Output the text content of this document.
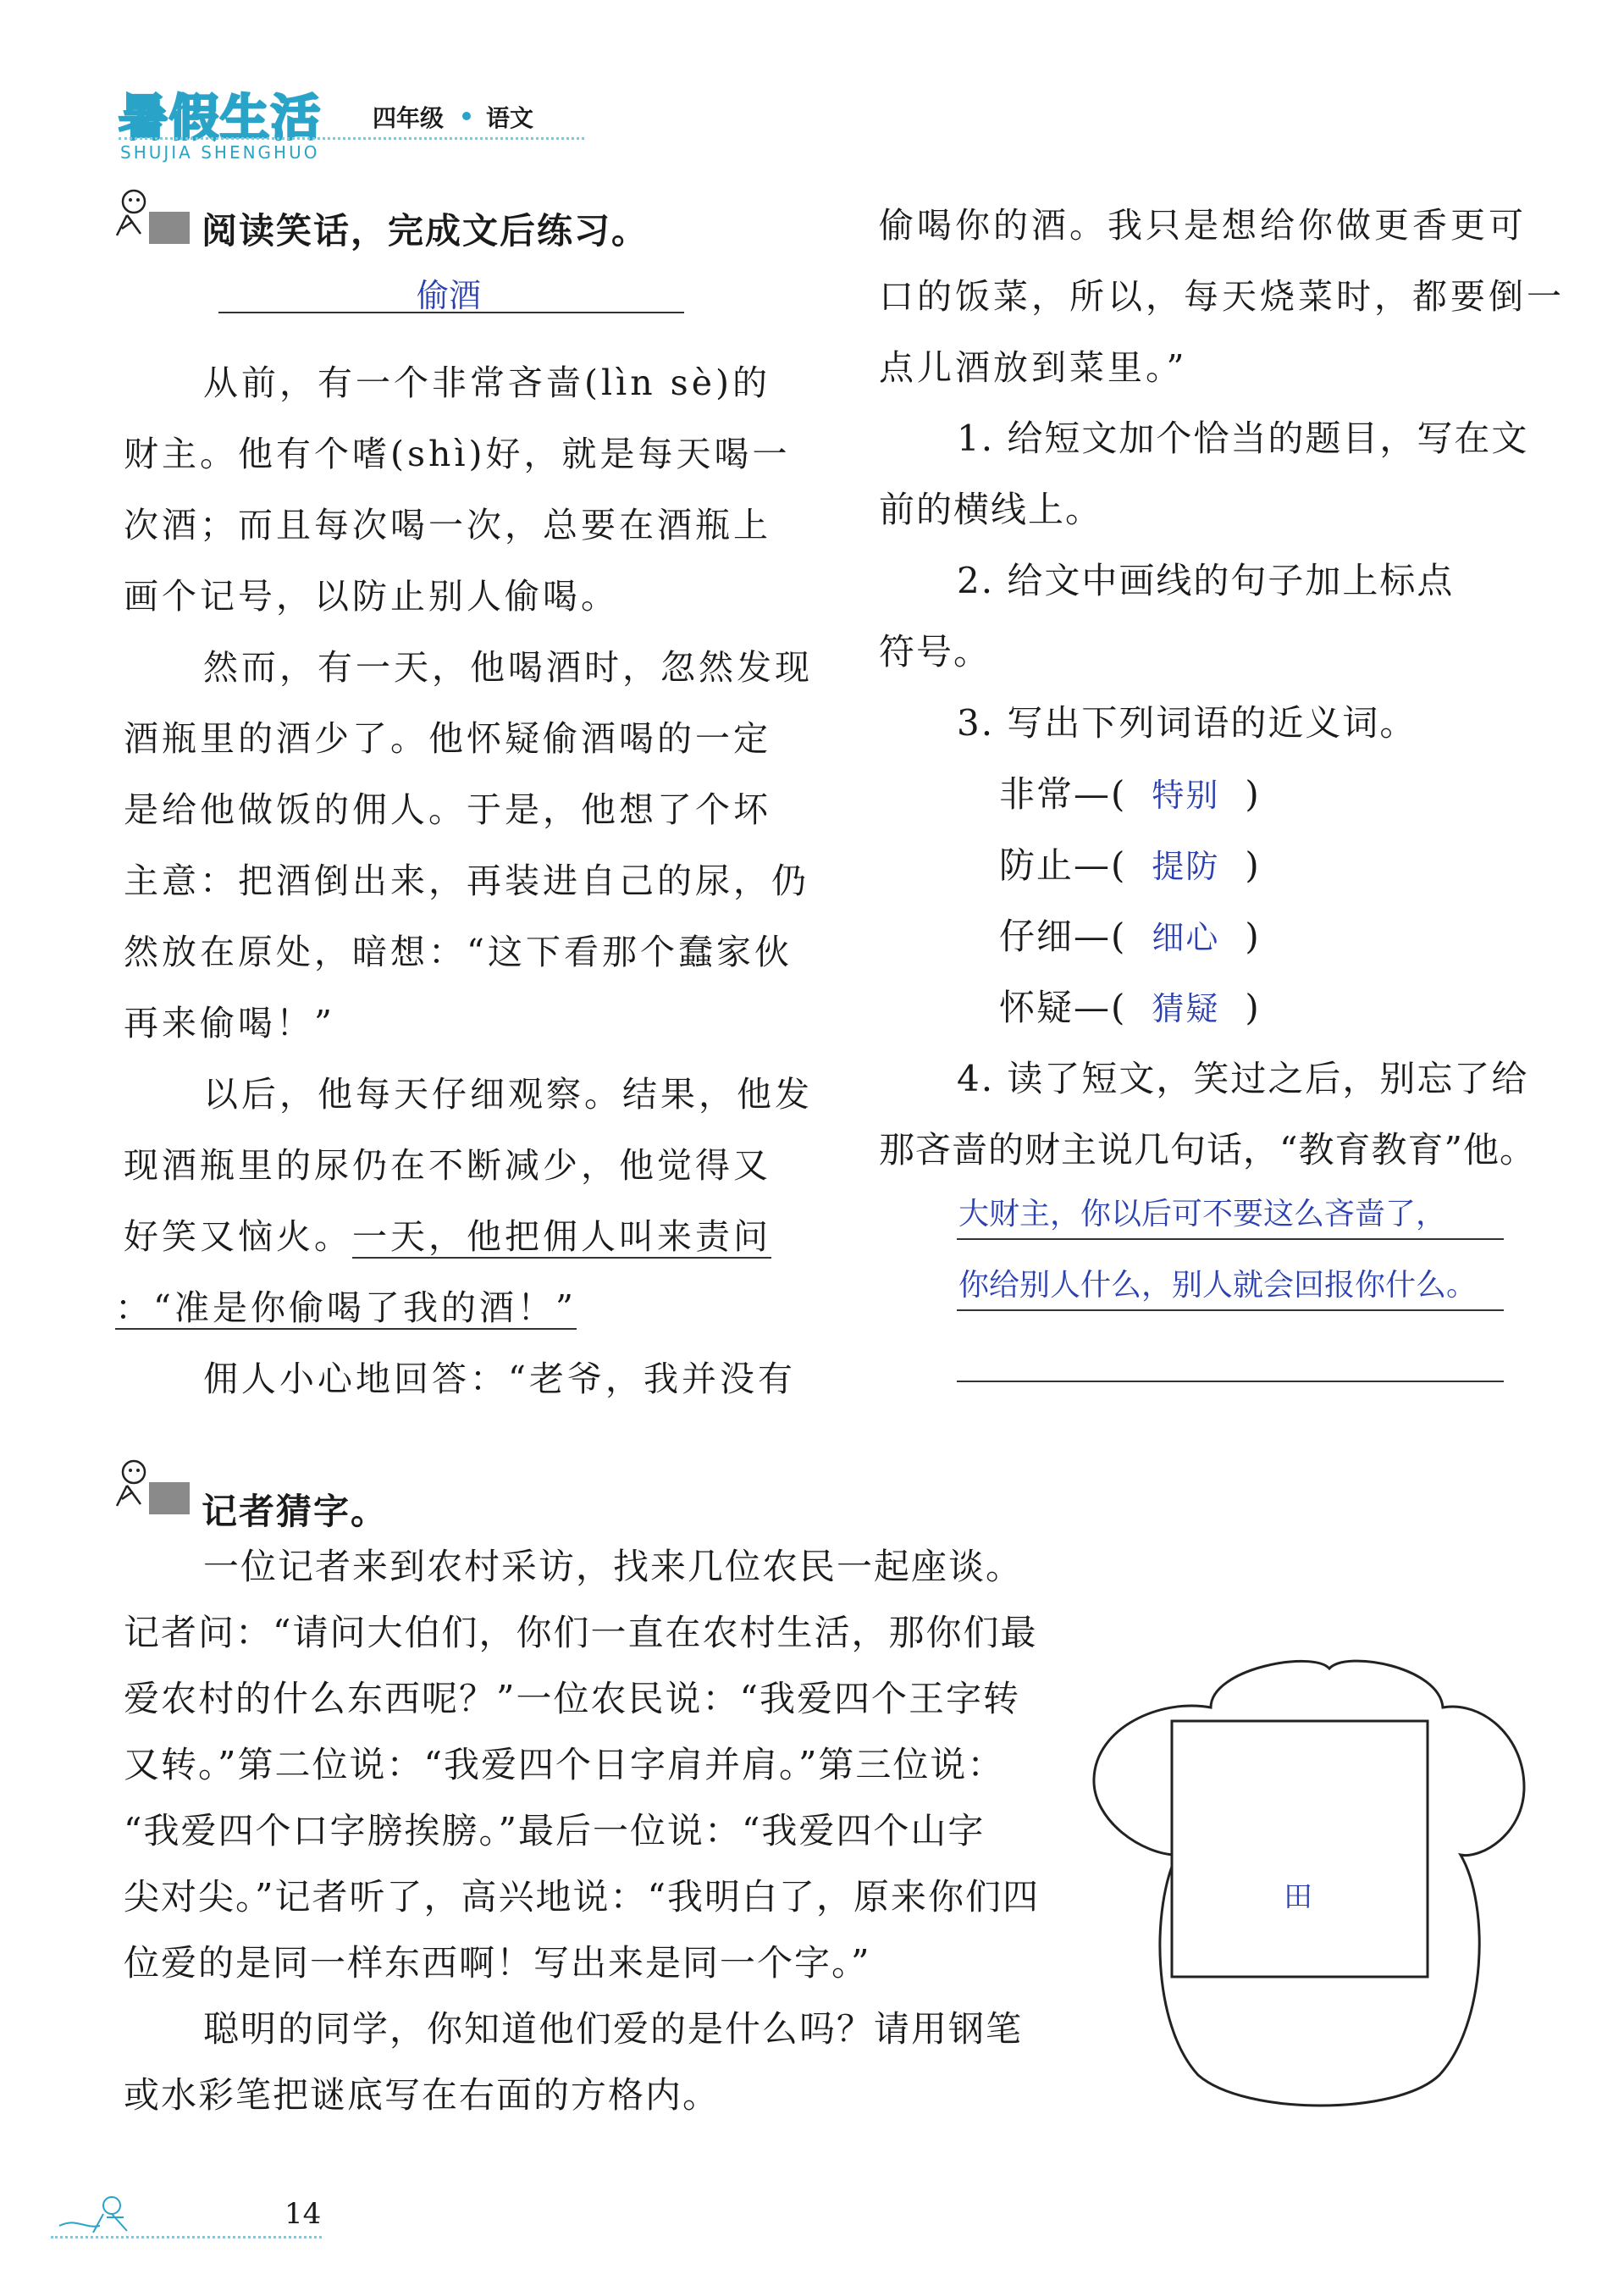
暑假生活
SHUJIA SHENGHUO
四年级 语文
阅读笑话，完成文后练习。
偷酒
从前，有一个非常吝啬(lìn sè)的
财主。他有个嗜(shì)好，就是每天喝一
次酒；而且每次喝一次，总要在酒瓶上
画个记号，以防止别人偷喝。
然而，有一天，他喝酒时，忽然发现
酒瓶里的酒少了。他怀疑偷酒喝的一定
是给他做饭的佣人。于是，他想了个坏
主意：把酒倒出来，再装进自己的尿，仍
然放在原处，暗想：“这下看那个蠢家伙
再来偷喝！”
以后，他每天仔细观察。结果，他发
现酒瓶里的尿仍在不断减少，他觉得又
好笑又恼火。一天，他把佣人叫来责问
：“准是你偷喝了我的酒！”
佣人小心地回答：“老爷，我并没有
偷喝你的酒。我只是想给你做更香更可
口的饭菜，所以，每天烧菜时，都要倒一
点儿酒放到菜里。”
1. 给短文加个恰当的题目，写在文
前的横线上。
2. 给文中画线的句子加上标点
符号。
3. 写出下列词语的近义词。
非常—( 特别 )
防止—( 提防 )
仔细—( 细心 )
怀疑—( 猜疑 )
4. 读了短文，笑过之后，别忘了给
那吝啬的财主说几句话，“教育教育”他。
大财主，你以后可不要这么吝啬了，
你给别人什么，别人就会回报你什么。
记者猜字。
一位记者来到农村采访，找来几位农民一起座谈。
记者问：“请问大伯们，你们一直在农村生活，那你们最
爱农村的什么东西呢？”一位农民说：“我爱四个王字转
又转。”第二位说：“我爱四个日字肩并肩。”第三位说：
“我爱四个口字膀挨膀。”最后一位说：“我爱四个山字
尖对尖。”记者听了，高兴地说：“我明白了，原来你们四
位爱的是同一样东西啊！写出来是同一个字。”
聪明的同学，你知道他们爱的是什么吗？请用钢笔
或水彩笔把谜底写在右面的方格内。
田
14
